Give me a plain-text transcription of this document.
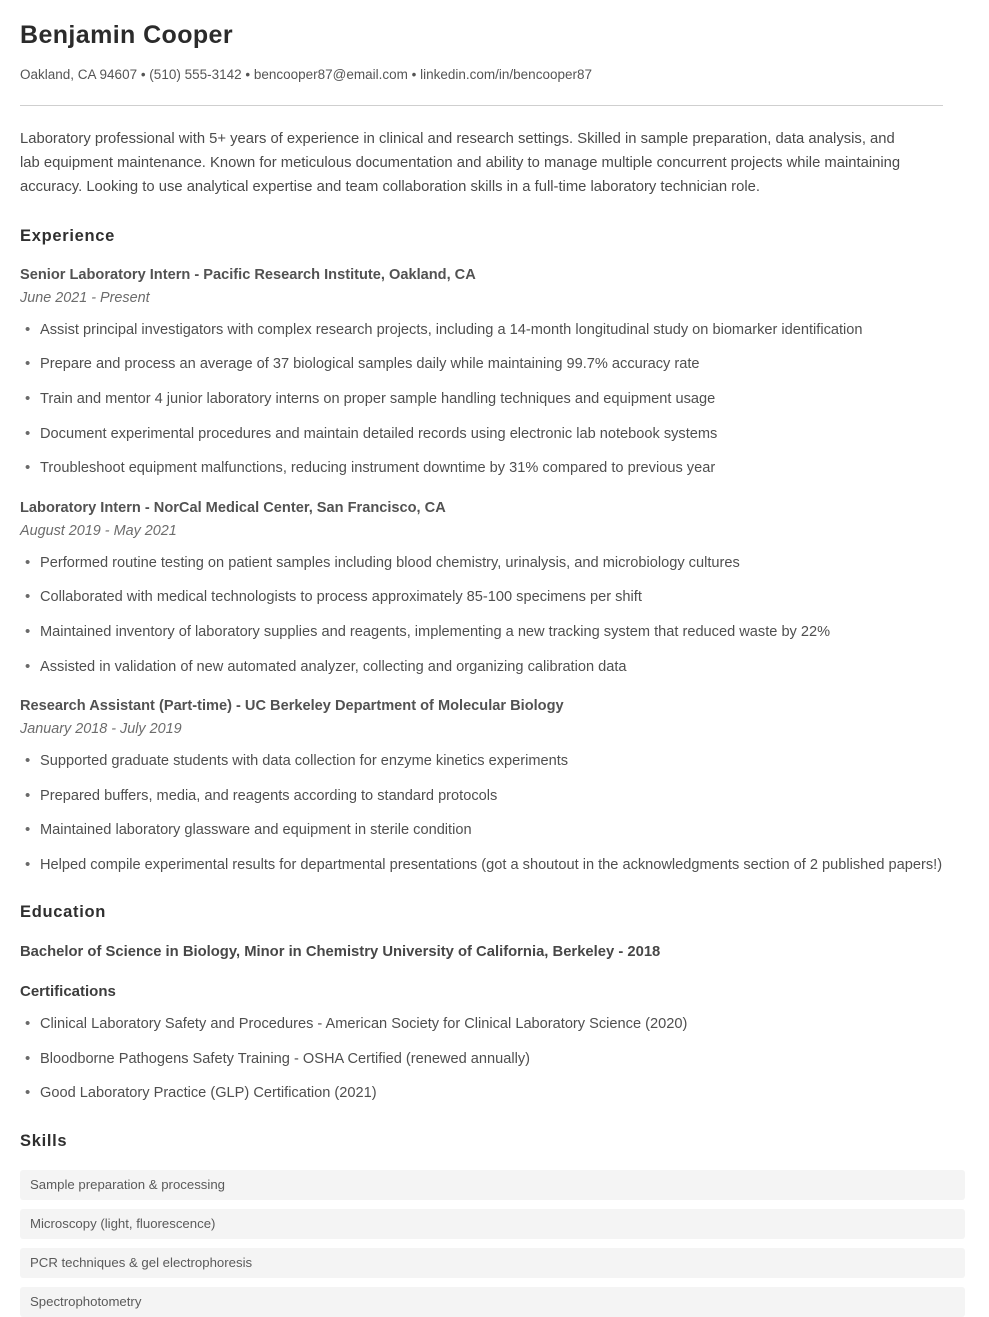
Benjamin Cooper

Oakland, CA 94607 • (510) 555-3142 • bencooper87@email.com • linkedin.com/in/bencooper87

Laboratory professional with 5+ years of experience in clinical and research settings. Skilled in sample preparation, data analysis, and lab equipment maintenance. Known for meticulous documentation and ability to manage multiple concurrent projects while maintaining accuracy. Looking to use analytical expertise and team collaboration skills in a full-time laboratory technician role.

Experience
Senior Laboratory Intern - Pacific Research Institute, Oakland, CA
June 2021 - Present
• Assist principal investigators with complex research projects, including a 14-month longitudinal study on biomarker identification
• Prepare and process an average of 37 biological samples daily while maintaining 99.7% accuracy rate
• Train and mentor 4 junior laboratory interns on proper sample handling techniques and equipment usage
• Document experimental procedures and maintain detailed records using electronic lab notebook systems
• Troubleshoot equipment malfunctions, reducing instrument downtime by 31% compared to previous year
Laboratory Intern - NorCal Medical Center, San Francisco, CA
August 2019 - May 2021
• Performed routine testing on patient samples including blood chemistry, urinalysis, and microbiology cultures
• Collaborated with medical technologists to process approximately 85-100 specimens per shift
• Maintained inventory of laboratory supplies and reagents, implementing a new tracking system that reduced waste by 22%
• Assisted in validation of new automated analyzer, collecting and organizing calibration data
Research Assistant (Part-time) - UC Berkeley Department of Molecular Biology
January 2018 - July 2019
• Supported graduate students with data collection for enzyme kinetics experiments
• Prepared buffers, media, and reagents according to standard protocols
• Maintained laboratory glassware and equipment in sterile condition
• Helped compile experimental results for departmental presentations (got a shoutout in the acknowledgments section of 2 published papers!)
Education
Bachelor of Science in Biology, Minor in Chemistry University of California, Berkeley - 2018
Certifications
• Clinical Laboratory Safety and Procedures - American Society for Clinical Laboratory Science (2020)
• Bloodborne Pathogens Safety Training - OSHA Certified (renewed annually)
• Good Laboratory Practice (GLP) Certification (2021)
Skills
Sample preparation & processing
Microscopy (light, fluorescence)
PCR techniques & gel electrophoresis
Spectrophotometry
